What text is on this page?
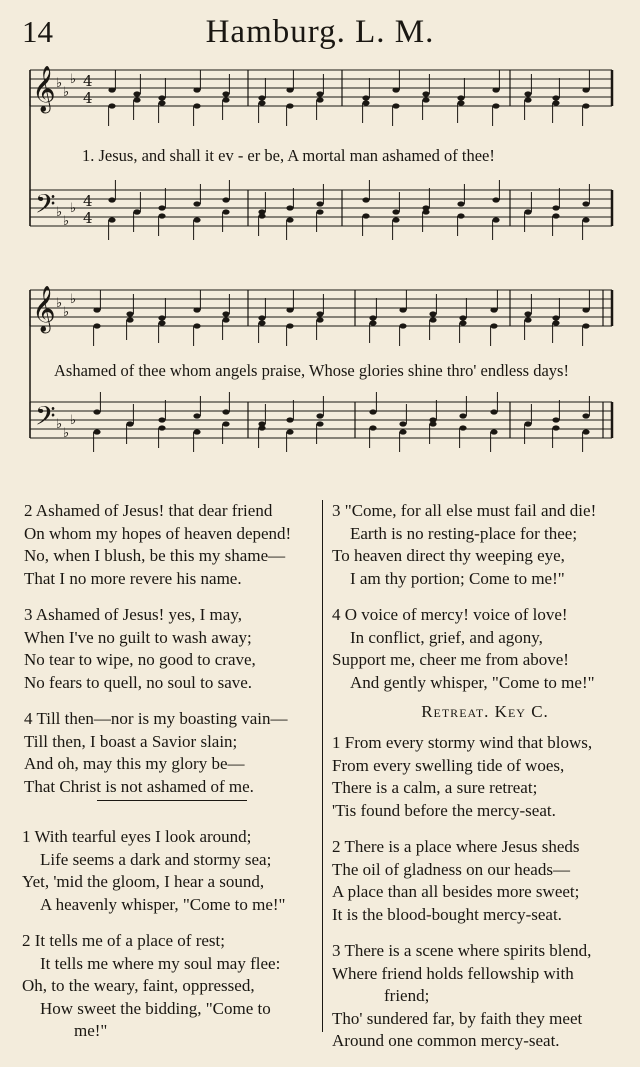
14	Hamburg. L. M.
𝄞
𝄢
♭
♭
♭
♭
♭
♭
4
4
4
4
𝄞
𝄢
♭
♭
♭
♭
♭
♭
1. Jesus, and shall it ev - er be, A mortal man ashamed of thee!
Ashamed of thee whom angels praise, Whose glories shine thro' endless days!
2 Ashamed of Jesus! that dear friend
On whom my hopes of heaven depend!
No, when I blush, be this my shame—
That I no more revere his name.
3 Ashamed of Jesus! yes, I may,
When I've no guilt to wash away;
No tear to wipe, no good to crave,
No fears to quell, no soul to save.
4 Till then—nor is my boasting vain—
Till then, I boast a Savior slain;
And oh, may this my glory be—
That Christ is not ashamed of me.
3 "Come, for all else must fail and die!
Earth is no resting-place for thee;
To heaven direct thy weeping eye,
I am thy portion; Come to me!"
4 O voice of mercy! voice of love!
In conflict, grief, and agony,
Support me, cheer me from above!
And gently whisper, "Come to me!"
Retreat. Key C.
1 With tearful eyes I look around;
Life seems a dark and stormy sea;
Yet, 'mid the gloom, I hear a sound,
A heavenly whisper, "Come to me!"
2 It tells me of a place of rest;
It tells me where my soul may flee:
Oh, to the weary, faint, oppressed,
How sweet the bidding, "Come to
me!"
1 From every stormy wind that blows,
From every swelling tide of woes,
There is a calm, a sure retreat;
'Tis found before the mercy-seat.
2 There is a place where Jesus sheds
The oil of gladness on our heads—
A place than all besides more sweet;
It is the blood-bought mercy-seat.
3 There is a scene where spirits blend,
Where friend holds fellowship with
friend;
Tho' sundered far, by faith they meet
Around one common mercy-seat.
